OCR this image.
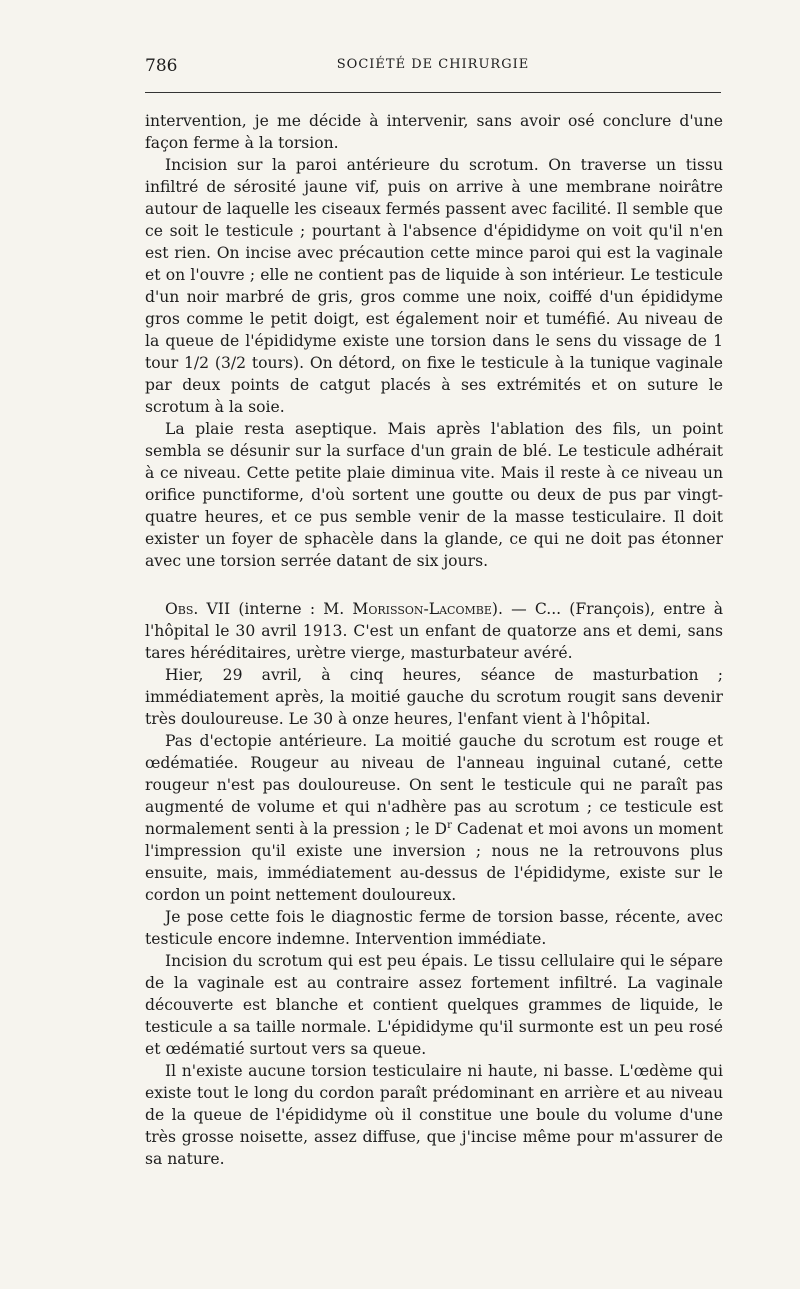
786	SOCIÉTÉ DE CHIRURGIE

intervention, je me décide à intervenir, sans avoir osé conclure d'une façon ferme à la torsion.

Incision sur la paroi antérieure du scrotum. On traverse un tissu infiltré de sérosité jaune vif, puis on arrive à une membrane noirâtre autour de laquelle les ciseaux fermés passent avec facilité. Il semble que ce soit le testicule ; pourtant à l'absence d'épididyme on voit qu'il n'en est rien. On incise avec précaution cette mince paroi qui est la vaginale et on l'ouvre ; elle ne contient pas de liquide à son intérieur. Le testicule d'un noir marbré de gris, gros comme une noix, coiffé d'un épididyme gros comme le petit doigt, est également noir et tuméfié. Au niveau de la queue de l'épididyme existe une torsion dans le sens du vissage de 1 tour 1/2 (3/2 tours). On détord, on fixe le testicule à la tunique vaginale par deux points de catgut placés à ses extrémités et on suture le scrotum à la soie.

La plaie resta aseptique. Mais après l'ablation des fils, un point sembla se désunir sur la surface d'un grain de blé. Le testicule adhérait à ce niveau. Cette petite plaie diminua vite. Mais il reste à ce niveau un orifice punctiforme, d'où sortent une goutte ou deux de pus par vingt-quatre heures, et ce pus semble venir de la masse testiculaire. Il doit exister un foyer de sphacèle dans la glande, ce qui ne doit pas étonner avec une torsion serrée datant de six jours.

Obs. VII (interne : M. Morisson-Lacombe). — C... (François), entre à l'hôpital le 30 avril 1913. C'est un enfant de quatorze ans et demi, sans tares héréditaires, urètre vierge, masturbateur avéré.

Hier, 29 avril, à cinq heures, séance de masturbation ; immédiatement après, la moitié gauche du scrotum rougit sans devenir très douloureuse. Le 30 à onze heures, l'enfant vient à l'hôpital.

Pas d'ectopie antérieure. La moitié gauche du scrotum est rouge et œdématiée. Rougeur au niveau de l'anneau inguinal cutané, cette rougeur n'est pas douloureuse. On sent le testicule qui ne paraît pas augmenté de volume et qui n'adhère pas au scrotum ; ce testicule est normalement senti à la pression ; le $D^r$ Cadenat et moi avons un moment l'impression qu'il existe une inversion ; nous ne la retrouvons plus ensuite, mais, immédiatement au-dessus de l'épididyme, existe sur le cordon un point nettement douloureux.

Je pose cette fois le diagnostic ferme de torsion basse, récente, avec testicule encore indemne. Intervention immédiate.

Incision du scrotum qui est peu épais. Le tissu cellulaire qui le sépare de la vaginale est au contraire assez fortement infiltré. La vaginale découverte est blanche et contient quelques grammes de liquide, le testicule a sa taille normale. L'épididyme qu'il surmonte est un peu rosé et œdématié surtout vers sa queue.

Il n'existe aucune torsion testiculaire ni haute, ni basse. L'œdème qui existe tout le long du cordon paraît prédominant en arrière et au niveau de la queue de l'épididyme où il constitue une boule du volume d'une très grosse noisette, assez diffuse, que j'incise même pour m'assurer de sa nature.
